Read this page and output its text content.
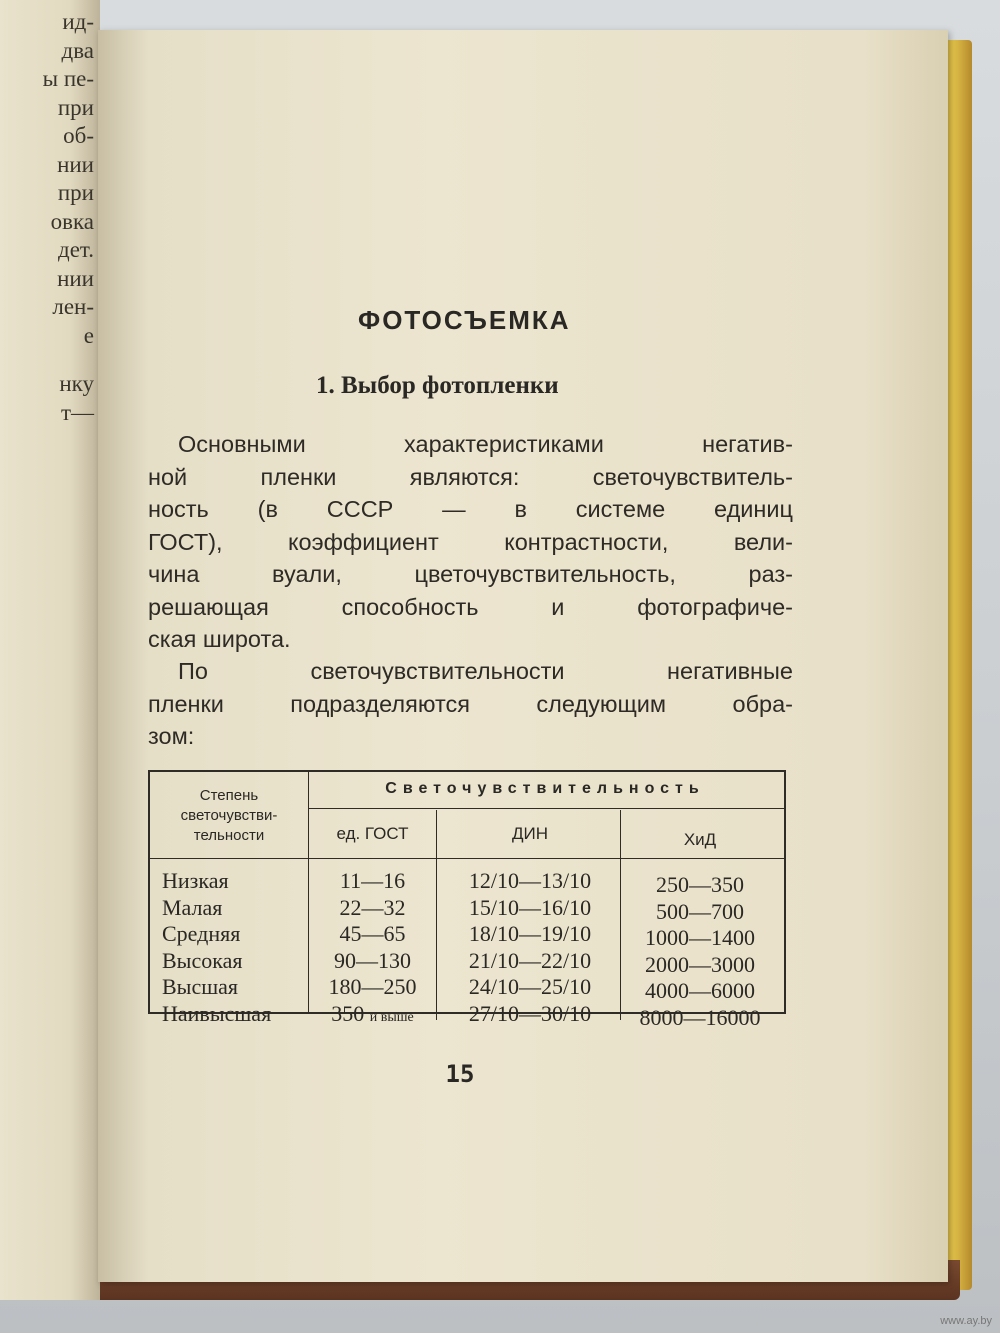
ид-
два
ы пе-
при
об-
нии
при
овка
дет.
нии
лен-
е
нку
т—
ФОТОСЪЕМКА
1. Выбор фотопленки
Основными характеристиками негатив-
ной пленки являются: светочувствитель-
ность (в СССР — в системе единиц
ГОСТ), коэффициент контрастности, вели-
чина вуали, цветочувствительность, раз-
решающая способность и фотографиче-
ская широта.
По светочувствительности негативные
пленки подразделяются следующим обра-
зом:
Степень
светочувстви-
тельности
Светочувствительность
ед. ГОСТ	ДИН	ХиД
Низкая
Малая
Средняя
Высокая
Высшая
Наивысшая
11—16
22—32
45—65
90—130
180—250
350 и выше
12/10—13/10
15/10—16/10
18/10—19/10
21/10—22/10
24/10—25/10
27/10—30/10
250—350
500—700
1000—1400
2000—3000
4000—6000
8000—16000
15
www.ay.by
